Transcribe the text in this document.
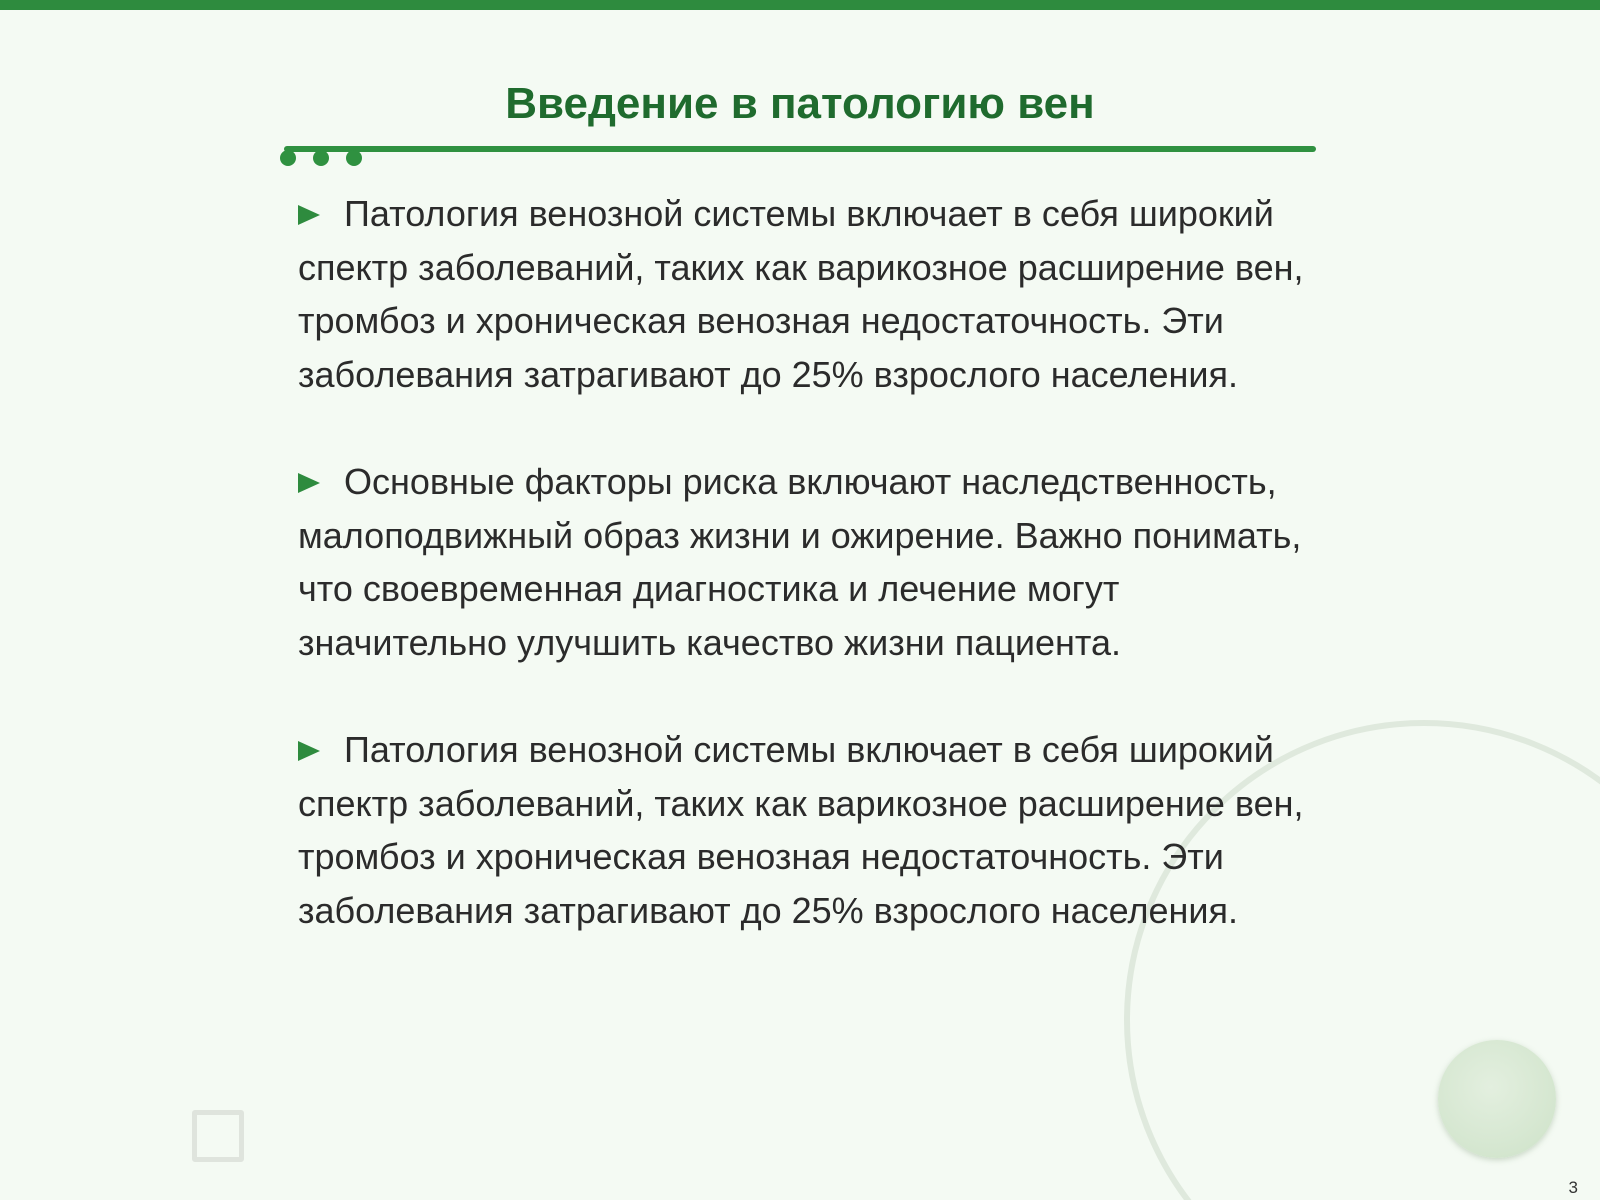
Введение в патологию вен

Патология венозной системы включает в себя широкий спектр заболеваний, таких как варикозное расширение вен, тромбоз и хроническая венозная недостаточность. Эти заболевания затрагивают до 25% взрослого населения.

Основные факторы риска включают наследственность, малоподвижный образ жизни и ожирение. Важно понимать, что своевременная диагностика и лечение могут значительно улучшить качество жизни пациента.

Патология венозной системы включает в себя широкий спектр заболеваний, таких как варикозное расширение вен, тромбоз и хроническая венозная недостаточность. Эти заболевания затрагивают до 25% взрослого населения.

3
